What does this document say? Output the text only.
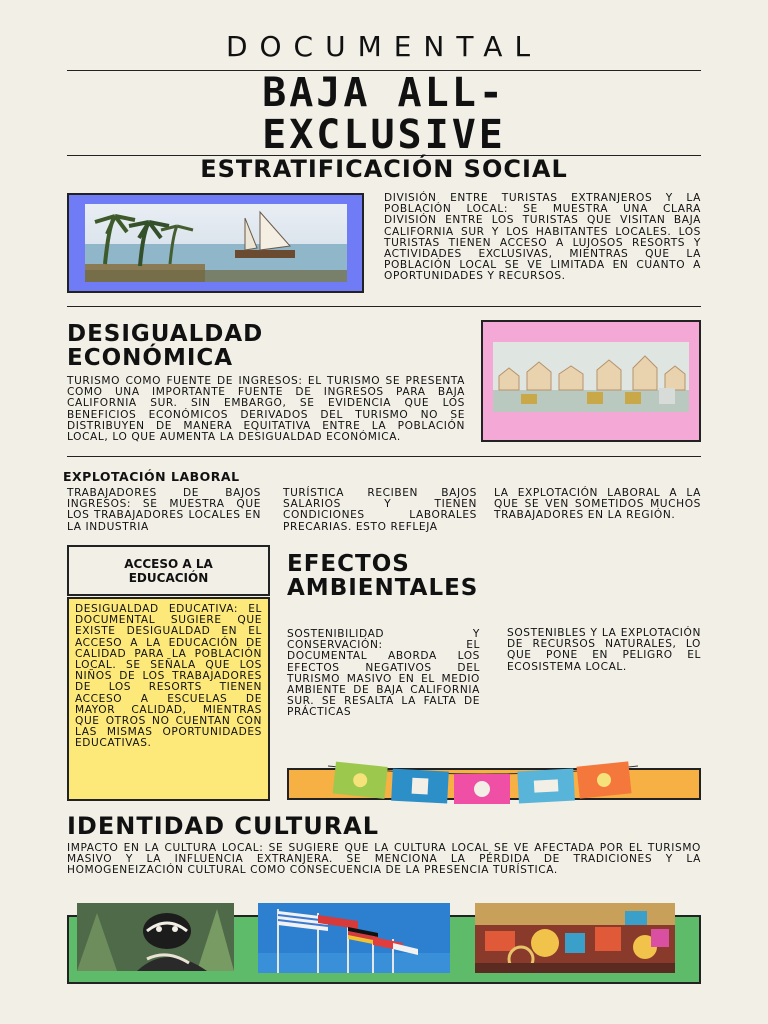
DOCUMENTAL
BAJA ALL-
EXCLUSIVE
ESTRATIFICACIÓN SOCIAL
DIVISIÓN ENTRE TURISTAS EXTRANJEROS Y LA POBLACIÓN LOCAL: SE MUESTRA UNA CLARA DIVISIÓN ENTRE LOS TURISTAS QUE VISITAN BAJA CALIFORNIA SUR Y LOS HABITANTES LOCALES. LOS TURISTAS TIENEN ACCESO A LUJOSOS RESORTS Y ACTIVIDADES EXCLUSIVAS, MIENTRAS QUE LA POBLACIÓN LOCAL SE VE LIMITADA EN CUANTO A OPORTUNIDADES Y RECURSOS.
DESIGUALDAD
ECONÓMICA
TURISMO COMO FUENTE DE INGRESOS: EL TURISMO SE PRESENTA COMO UNA IMPORTANTE FUENTE DE INGRESOS PARA BAJA CALIFORNIA SUR. SIN EMBARGO, SE EVIDENCIA QUE LOS BENEFICIOS ECONÓMICOS DERIVADOS DEL TURISMO NO SE DISTRIBUYEN DE MANERA EQUITATIVA ENTRE LA POBLACIÓN LOCAL, LO QUE AUMENTA LA DESIGUALDAD ECONÓMICA.
EXPLOTACIÓN LABORAL
TRABAJADORES DE BAJOS INGRESOS: SE MUESTRA QUE LOS TRABAJADORES LOCALES EN LA INDUSTRIA
TURÍSTICA RECIBEN BAJOS SALARIOS Y TIENEN CONDICIONES LABORALES PRECARIAS. ESTO REFLEJA
LA EXPLOTACIÓN LABORAL A LA QUE SE VEN SOMETIDOS MUCHOS TRABAJADORES EN LA REGIÓN.
ACCESO A LA
EDUCACIÓN
DESIGUALDAD EDUCATIVA: EL DOCUMENTAL SUGIERE QUE EXISTE DESIGUALDAD EN EL ACCESO A LA EDUCACIÓN DE CALIDAD PARA LA POBLACIÓN LOCAL. SE SEÑALA QUE LOS NIÑOS DE LOS TRABAJADORES DE LOS RESORTS TIENEN ACCESO A ESCUELAS DE MAYOR CALIDAD, MIENTRAS QUE OTROS NO CUENTAN CON LAS MISMAS OPORTUNIDADES EDUCATIVAS.
EFECTOS
AMBIENTALES
SOSTENIBILIDAD Y CONSERVACIÓN: EL DOCUMENTAL ABORDA LOS EFECTOS NEGATIVOS DEL TURISMO MASIVO EN EL MEDIO AMBIENTE DE BAJA CALIFORNIA SUR. SE RESALTA LA FALTA DE PRÁCTICAS
SOSTENIBLES Y LA EXPLOTACIÓN DE RECURSOS NATURALES, LO QUE PONE EN PELIGRO EL ECOSISTEMA LOCAL.
IDENTIDAD CULTURAL
IMPACTO EN LA CULTURA LOCAL: SE SUGIERE QUE LA CULTURA LOCAL SE VE AFECTADA POR EL TURISMO MASIVO Y LA INFLUENCIA EXTRANJERA. SE MENCIONA LA PÉRDIDA DE TRADICIONES Y LA HOMOGENEIZACIÓN CULTURAL COMO CONSECUENCIA DE LA PRESENCIA TURÍSTICA.
